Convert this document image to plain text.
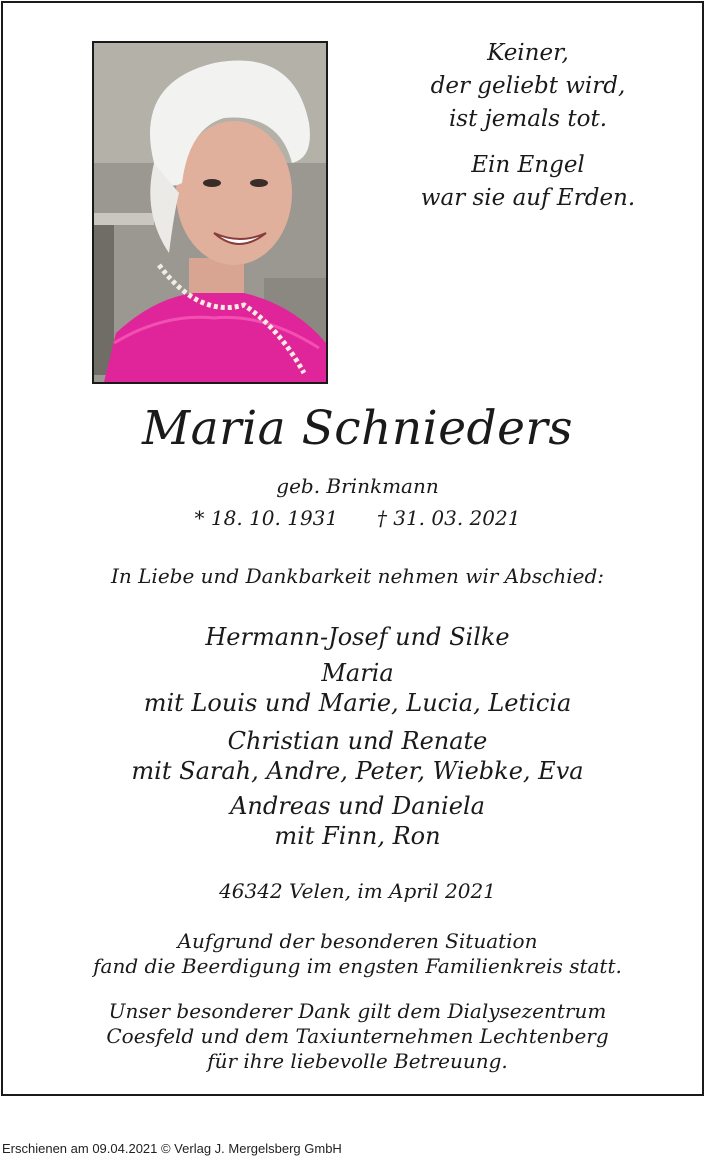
Keiner,
der geliebt wird,
ist jemals tot.
Ein Engel
war sie auf Erden.
Maria Schnieders
geb. Brinkmann
* 18. 10. 1931 † 31. 03. 2021
In Liebe und Dankbarkeit nehmen wir Abschied:
Hermann-Josef und Silke
Maria
mit Louis und Marie, Lucia, Leticia
Christian und Renate
mit Sarah, Andre, Peter, Wiebke, Eva
Andreas und Daniela
mit Finn, Ron
46342 Velen, im April 2021
Aufgrund der besonderen Situation
fand die Beerdigung im engsten Familienkreis statt.
Unser besonderer Dank gilt dem Dialysezentrum
Coesfeld und dem Taxiunternehmen Lechtenberg
für ihre liebevolle Betreuung.
Erschienen am 09.04.2021 © Verlag J. Mergelsberg GmbH
